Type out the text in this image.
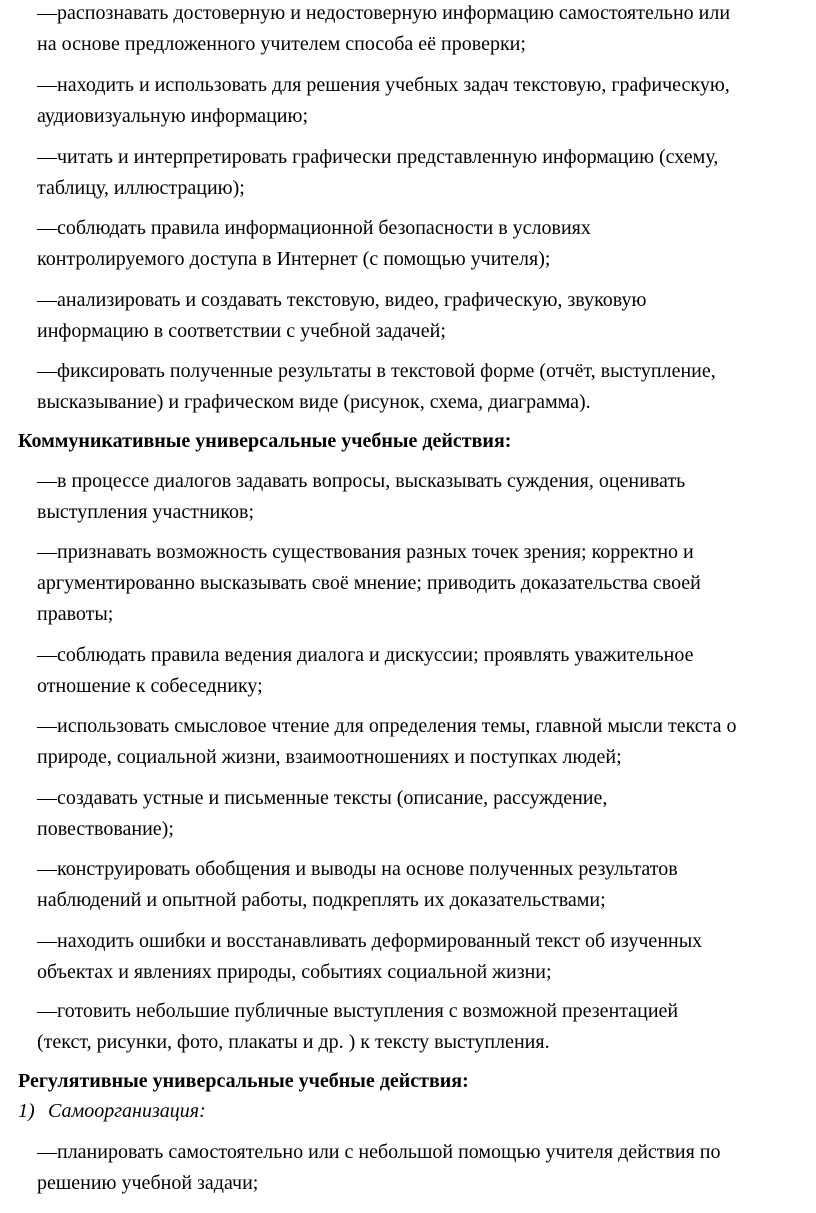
—распознавать достоверную и недостоверную информацию самостоятельно или
на основе предложенного учителем способа её проверки;
—находить и использовать для решения учебных задач текстовую, графическую,
аудиовизуальную информацию;
—читать и интерпретировать графически представленную информацию (схему,
таблицу, иллюстрацию);
—соблюдать правила информационной безопасности в условиях
контролируемого доступа в Интернет (с помощью учителя);
—анализировать и создавать текстовую, видео, графическую, звуковую
информацию в соответствии с учебной задачей;
—фиксировать полученные результаты в текстовой форме (отчёт, выступление,
высказывание) и графическом виде (рисунок, схема, диаграмма).
Коммуникативные универсальные учебные действия:
—в процессе диалогов задавать вопросы, высказывать суждения, оценивать
выступления участников;
—признавать возможность существования разных точек зрения; корректно и
аргументированно высказывать своё мнение; приводить доказательства своей
правоты;
—соблюдать правила ведения диалога и дискуссии; проявлять уважительное
отношение к собеседнику;
—использовать смысловое чтение для определения темы, главной мысли текста о
природе, социальной жизни, взаимоотношениях и поступках людей;
—создавать устные и письменные тексты (описание, рассуждение,
повествование);
—конструировать обобщения и выводы на основе полученных результатов
наблюдений и опытной работы, подкреплять их доказательствами;
—находить ошибки и восстанавливать деформированный текст об изученных
объектах и явлениях природы, событиях социальной жизни;
—готовить небольшие публичные выступления с возможной презентацией
(текст, рисунки, фото, плакаты и др. ) к тексту выступления.
Регулятивные универсальные учебные действия:
1) Самоорганизация:
—планировать самостоятельно или с небольшой помощью учителя действия по
решению учебной задачи;
